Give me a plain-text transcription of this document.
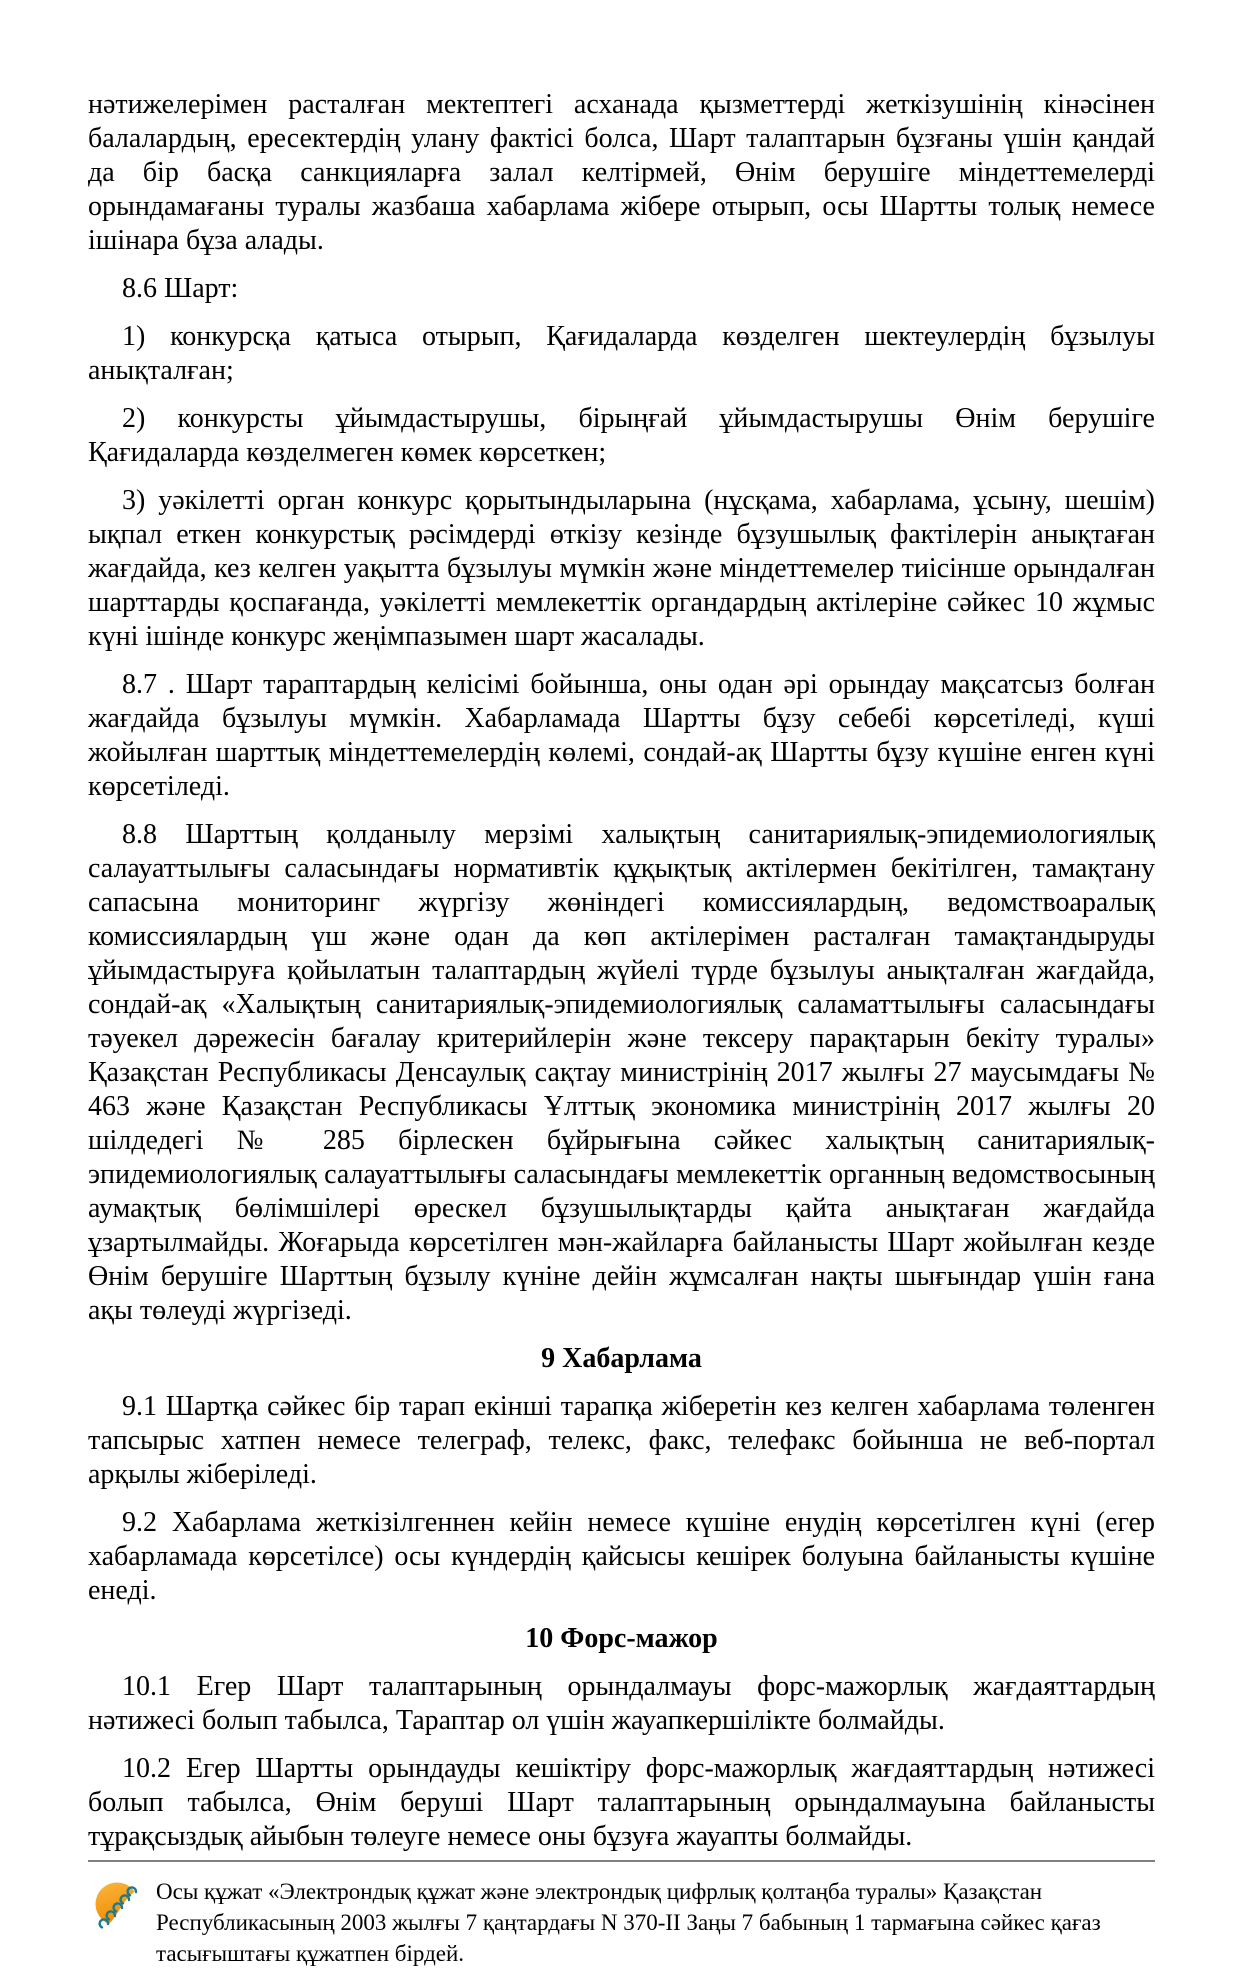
нәтижелерімен расталған мектептегі асханада қызметтерді жеткізушінің кінәсінен балалардың, ересектердің улану фактісі болса, Шарт талаптарын бұзғаны үшін қандай да бір басқа санкцияларға залал келтірмей, Өнім берушіге міндеттемелерді орындамағаны туралы жазбаша хабарлама жібере отырып, осы Шартты толық немесе ішінара бұза алады.

8.6 Шарт:

1) конкурсқа қатыса отырып, Қағидаларда көзделген шектеулердің бұзылуы анықталған;

2) конкурсты ұйымдастырушы, бірыңғай ұйымдастырушы Өнім берушіге Қағидаларда көзделмеген көмек көрсеткен;

3) уәкілетті орган конкурс қорытындыларына (нұсқама, хабарлама, ұсыну, шешім) ықпал еткен конкурстық рәсімдерді өткізу кезінде бұзушылық фактілерін анықтаған жағдайда, кез келген уақытта бұзылуы мүмкін және міндеттемелер тиісінше орындалған шарттарды қоспағанда, уәкілетті мемлекеттік органдардың актілеріне сәйкес 10 жұмыс күні ішінде конкурс жеңімпазымен шарт жасалады.

8.7 . Шарт тараптардың келісімі бойынша, оны одан әрі орындау мақсатсыз болған жағдайда бұзылуы мүмкін. Хабарламада Шартты бұзу себебі көрсетіледі, күші жойылған шарттық міндеттемелердің көлемі, сондай-ақ Шартты бұзу күшіне енген күні көрсетіледі.

8.8 Шарттың қолданылу мерзімі халықтың санитариялық-эпидемиологиялық салауаттылығы саласындағы нормативтік құқықтық актілермен бекітілген, тамақтану сапасына мониторинг жүргізу жөніндегі комиссиялардың, ведомствоаралық комиссиялардың үш және одан да көп актілерімен расталған тамақтандыруды ұйымдастыруға қойылатын талаптардың жүйелі түрде бұзылуы анықталған жағдайда, сондай-ақ «Халықтың санитариялық-эпидемиологиялық саламаттылығы саласындағы тәуекел дәрежесін бағалау критерийлерін және тексеру парақтарын бекіту туралы» Қазақстан Республикасы Денсаулық сақтау министрінің 2017 жылғы 27 маусымдағы № 463 және Қазақстан Республикасы Ұлттық экономика министрінің 2017 жылғы 20 шілдедегі № 285 бірлескен бұйрығына сәйкес халықтың санитариялық-эпидемиологиялық салауаттылығы саласындағы мемлекеттік органның ведомствосының аумақтық бөлімшілері өрескел бұзушылықтарды қайта анықтаған жағдайда ұзартылмайды. Жоғарыда көрсетілген мән-жайларға байланысты Шарт жойылған кезде Өнім берушіге Шарттың бұзылу күніне дейін жұмсалған нақты шығындар үшін ғана ақы төлеуді жүргізеді.

9 Хабарлама

9.1 Шартқа сәйкес бір тарап екінші тарапқа жіберетін кез келген хабарлама төленген тапсырыс хатпен немесе телеграф, телекс, факс, телефакс бойынша не веб-портал арқылы жіберіледі.

9.2 Хабарлама жеткізілгеннен кейін немесе күшіне енудің көрсетілген күні (егер хабарламада көрсетілсе) осы күндердің қайсысы кешірек болуына байланысты күшіне енеді.

10 Форс-мажор

10.1 Егер Шарт талаптарының орындалмауы форс-мажорлық жағдаяттардың нәтижесі болып табылса, Тараптар ол үшін жауапкершілікте болмайды.

10.2 Егер Шартты орындауды кешіктіру форс-мажорлық жағдаяттардың нәтижесі болып табылса, Өнім беруші Шарт талаптарының орындалмауына байланысты тұрақсыздық айыбын төлеуге немесе оны бұзуға жауапты болмайды.

Осы құжат «Электрондық құжат және электрондық цифрлық қолтаңба туралы» Қазақстан Республикасының 2003 жылғы 7 қаңтардағы N 370-II Заңы 7 бабының 1 тармағына сәйкес қағаз тасығыштағы құжатпен бірдей.
